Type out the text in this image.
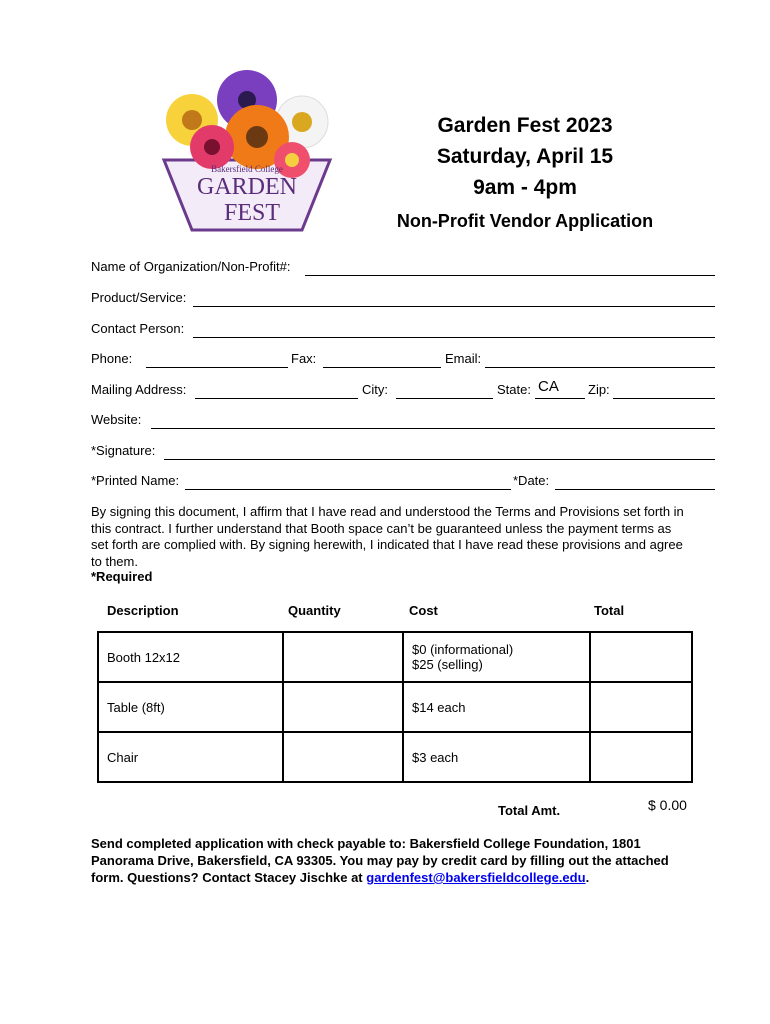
Bakersfield College
GARDEN
FEST
Garden Fest 2023
Saturday, April 15
9am - 4pm
Non-Profit Vendor Application
Name of Organization/Non-Profit#:
Product/Service:
Contact Person:
Phone:	Fax:	Email:
Mailing Address:	City:	State: CA Zip:
Website:
*Signature:
*Printed Name:	*Date:
By signing this document, I affirm that I have read and understood the Terms and Provisions set forth in this contract. I further understand that Booth space can’t be guaranteed unless the payment terms as set forth are complied with. By signing herewith, I indicated that I have read these provisions and agree to them.
*Required
Description	Quantity	Cost	Total
Booth 12x12		$0 (informational)
$25 (selling)	

Table (8ft)		$14 each	
Chair		$3 each	
Total Amt.	$ 0.00
Send completed application with check payable to: Bakersfield College Foundation, 1801 Panorama Drive, Bakersfield, CA 93305. You may pay by credit card by filling out the attached form. Questions? Contact Stacey Jischke at gardenfest@bakersfieldcollege.edu.
